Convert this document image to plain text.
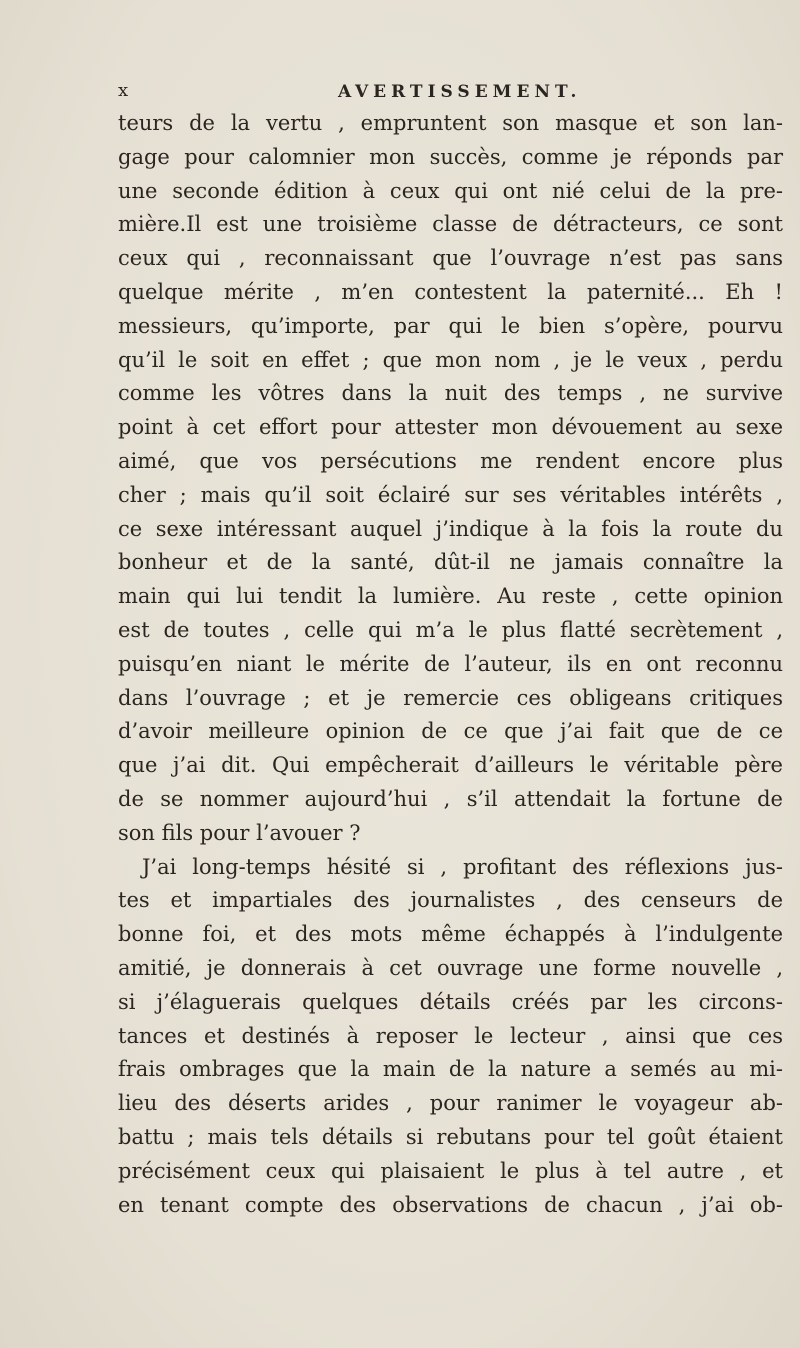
x	AVERTISSEMENT.
teurs de la vertu , empruntent son masque et son lan-
gage pour calomnier mon succès, comme je réponds par
une seconde édition à ceux qui ont nié celui de la pre-
mière.Il est une troisième classe de détracteurs, ce sont
ceux qui , reconnaissant que l’ouvrage n’est pas sans
quelque mérite , m’en contestent la paternité... Eh !
messieurs, qu’importe, par qui le bien s’opère, pourvu
qu’il le soit en effet ; que mon nom , je le veux , perdu
comme les vôtres dans la nuit des temps , ne survive
point à cet effort pour attester mon dévouement au sexe
aimé, que vos persécutions me rendent encore plus
cher ; mais qu’il soit éclairé sur ses véritables intérêts ,
ce sexe intéressant auquel j’indique à la fois la route du
bonheur et de la santé, dût-il ne jamais connaître la
main qui lui tendit la lumière. Au reste , cette opinion
est de toutes , celle qui m’a le plus flatté secrètement ,
puisqu’en niant le mérite de l’auteur, ils en ont reconnu
dans l’ouvrage ; et je remercie ces obligeans critiques
d’avoir meilleure opinion de ce que j’ai fait que de ce
que j’ai dit. Qui empêcherait d’ailleurs le véritable père
de se nommer aujourd’hui , s’il attendait la fortune de
son fils pour l’avouer ?
J’ai long-temps hésité si , profitant des réflexions jus-
tes et impartiales des journalistes , des censeurs de
bonne foi, et des mots même échappés à l’indulgente
amitié, je donnerais à cet ouvrage une forme nouvelle ,
si j’élaguerais quelques détails créés par les circons-
tances et destinés à reposer le lecteur , ainsi que ces
frais ombrages que la main de la nature a semés au mi-
lieu des déserts arides , pour ranimer le voyageur ab-
battu ; mais tels détails si rebutans pour tel goût étaient
précisément ceux qui plaisaient le plus à tel autre , et
en tenant compte des observations de chacun , j’ai ob-
